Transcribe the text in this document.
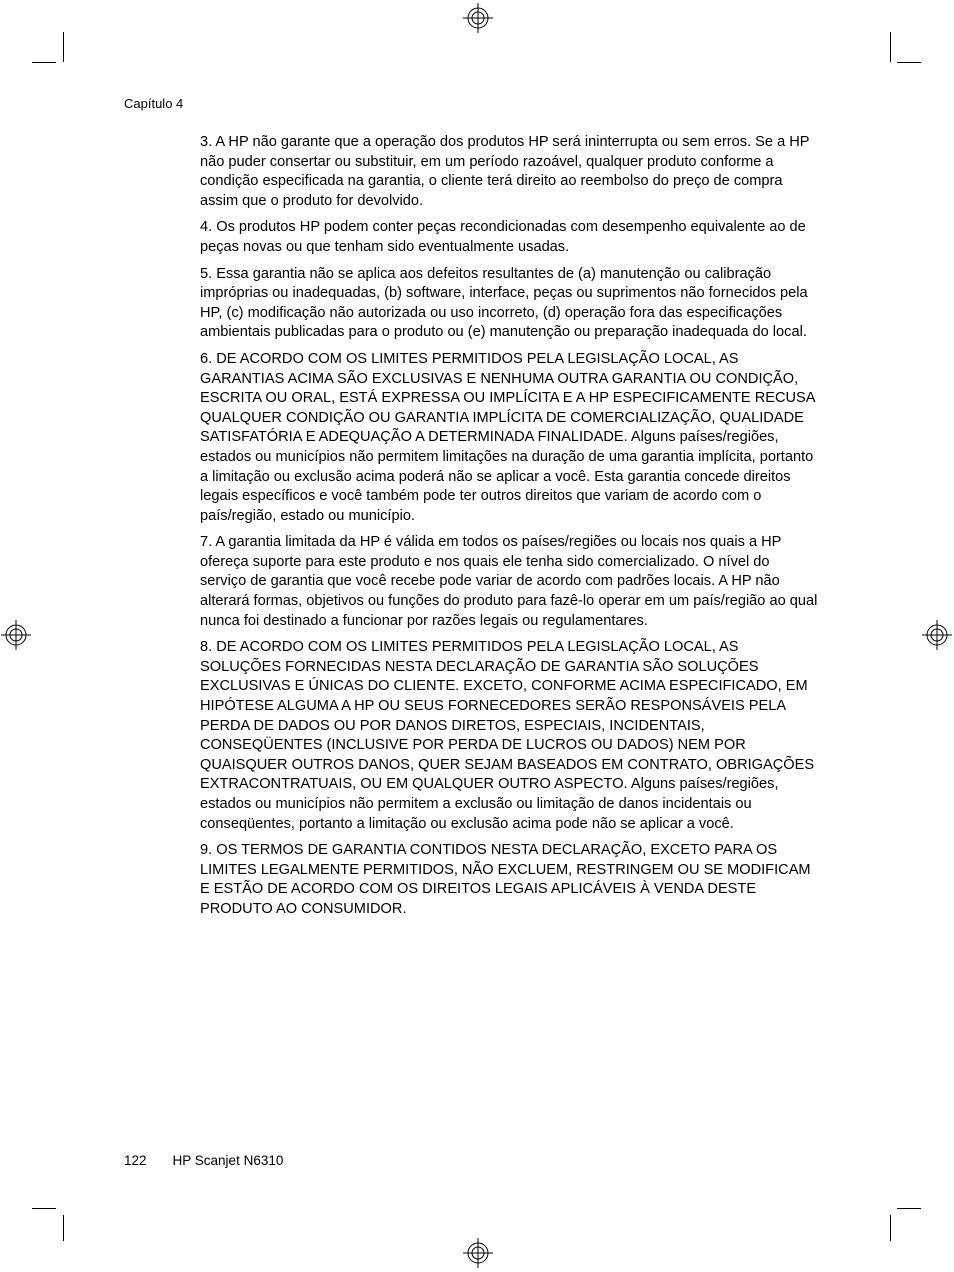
Capítulo 4

3. A HP não garante que a operação dos produtos HP será ininterrupta ou sem erros. Se a HP não puder consertar ou substituir, em um período razoável, qualquer produto conforme a condição especificada na garantia, o cliente terá direito ao reembolso do preço de compra assim que o produto for devolvido.

4. Os produtos HP podem conter peças recondicionadas com desempenho equivalente ao de peças novas ou que tenham sido eventualmente usadas.

5. Essa garantia não se aplica aos defeitos resultantes de (a) manutenção ou calibração impróprias ou inadequadas, (b) software, interface, peças ou suprimentos não fornecidos pela HP, (c) modificação não autorizada ou uso incorreto, (d) operação fora das especificações ambientais publicadas para o produto ou (e) manutenção ou preparação inadequada do local.

6. DE ACORDO COM OS LIMITES PERMITIDOS PELA LEGISLAÇÃO LOCAL, AS GARANTIAS ACIMA SÃO EXCLUSIVAS E NENHUMA OUTRA GARANTIA OU CONDIÇÃO, ESCRITA OU ORAL, ESTÁ EXPRESSA OU IMPLÍCITA E A HP ESPECIFICAMENTE RECUSA QUALQUER CONDIÇÃO OU GARANTIA IMPLÍCITA DE COMERCIALIZAÇÃO, QUALIDADE SATISFATÓRIA E ADEQUAÇÃO A DETERMINADA FINALIDADE. Alguns países/regiões, estados ou municípios não permitem limitações na duração de uma garantia implícita, portanto a limitação ou exclusão acima poderá não se aplicar a você. Esta garantia concede direitos legais específicos e você também pode ter outros direitos que variam de acordo com o país/região, estado ou município.

7. A garantia limitada da HP é válida em todos os países/regiões ou locais nos quais a HP ofereça suporte para este produto e nos quais ele tenha sido comercializado. O nível do serviço de garantia que você recebe pode variar de acordo com padrões locais. A HP não alterará formas, objetivos ou funções do produto para fazê-lo operar em um país/região ao qual nunca foi destinado a funcionar por razões legais ou regulamentares.

8. DE ACORDO COM OS LIMITES PERMITIDOS PELA LEGISLAÇÃO LOCAL, AS SOLUÇÕES FORNECIDAS NESTA DECLARAÇÃO DE GARANTIA SÃO SOLUÇÕES EXCLUSIVAS E ÚNICAS DO CLIENTE. EXCETO, CONFORME ACIMA ESPECIFICADO, EM HIPÓTESE ALGUMA A HP OU SEUS FORNECEDORES SERÃO RESPONSÁVEIS PELA PERDA DE DADOS OU POR DANOS DIRETOS, ESPECIAIS, INCIDENTAIS, CONSEQÜENTES (INCLUSIVE POR PERDA DE LUCROS OU DADOS) NEM POR QUAISQUER OUTROS DANOS, QUER SEJAM BASEADOS EM CONTRATO, OBRIGAÇÕES EXTRACONTRATUAIS, OU EM QUALQUER OUTRO ASPECTO. Alguns países/regiões, estados ou municípios não permitem a exclusão ou limitação de danos incidentais ou conseqüentes, portanto a limitação ou exclusão acima pode não se aplicar a você.

9. OS TERMOS DE GARANTIA CONTIDOS NESTA DECLARAÇÃO, EXCETO PARA OS LIMITES LEGALMENTE PERMITIDOS, NÃO EXCLUEM, RESTRINGEM OU SE MODIFICAM E ESTÃO DE ACORDO COM OS DIREITOS LEGAIS APLICÁVEIS À VENDA DESTE PRODUTO AO CONSUMIDOR.

122 HP Scanjet N6310
